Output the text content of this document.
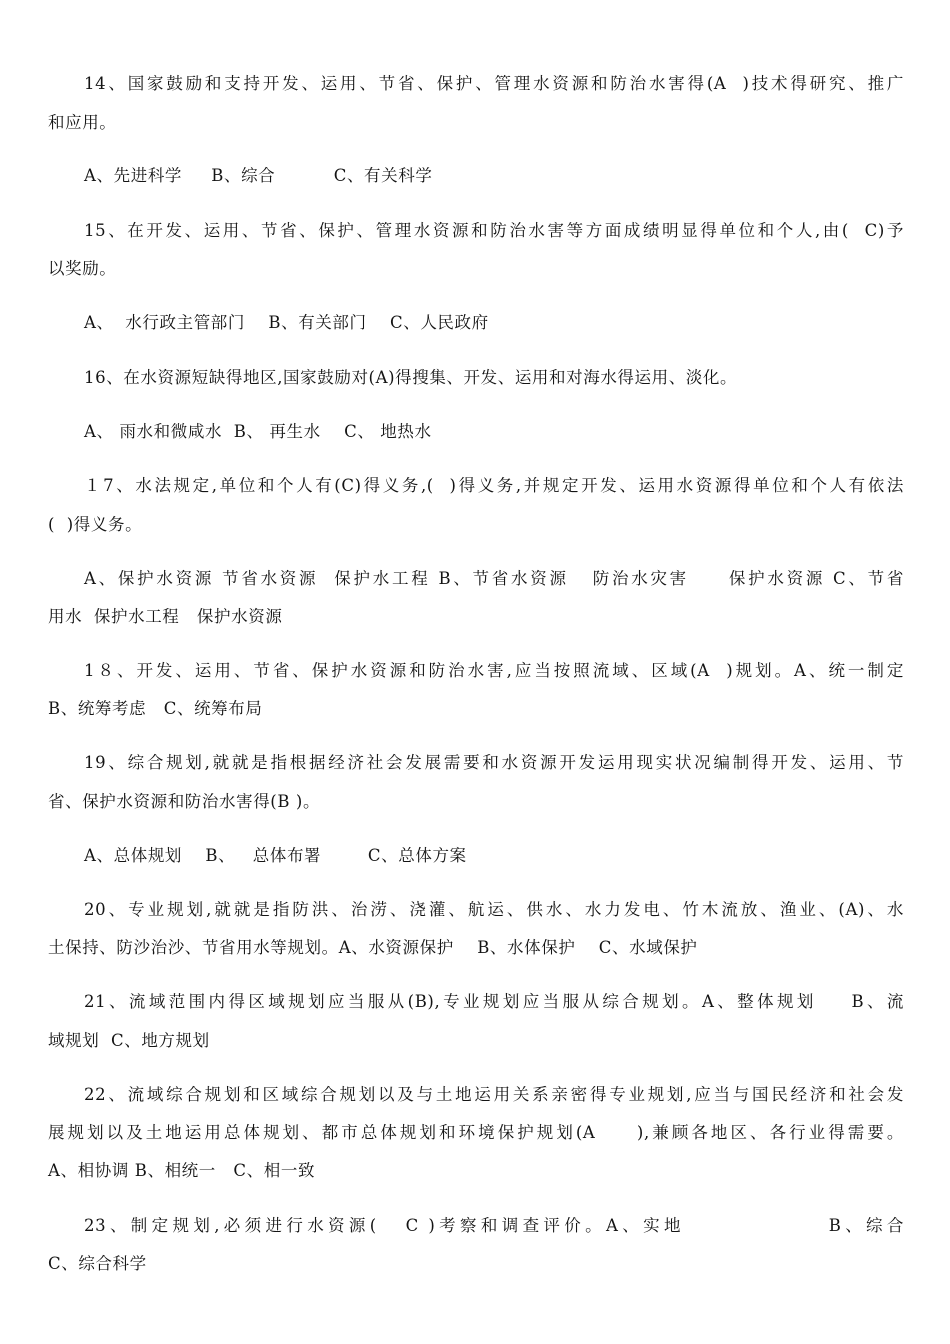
14、国家鼓励和支持开发、运用、节省、保护、管理水资源和防治水害得(A  )技术得研究、推广
和应用。
A、先进科学     B、综合          C、有关科学
15、在开发、运用、节省、保护、管理水资源和防治水害等方面成绩明显得单位和个人,由(  C)予
以奖励。
A、  水行政主管部门    B、有关部门    C、人民政府
16、在水资源短缺得地区,国家鼓励对(A)得搜集、开发、运用和对海水得运用、淡化。
A、 雨水和微咸水  B、 再生水    C、 地热水
１7、水法规定,单位和个人有(C)得义务,(  )得义务,并规定开发、运用水资源得单位和个人有依法
(  )得义务。
A、保护水资源 节省水资源  保护水工程 B、节省水资源   防治水灾害     保护水资源 C、节省
用水  保护水工程   保护水资源
1８、开发、运用、节省、保护水资源和防治水害,应当按照流域、区域(A  )规划。A、统一制定
B、统筹考虑   C、统筹布局
19、综合规划,就就是指根据经济社会发展需要和水资源开发运用现实状况编制得开发、运用、节
省、保护水资源和防治水害得(B )。
A、总体规划    B、   总体布署        C、总体方案
20、专业规划,就就是指防洪、治涝、浇灌、航运、供水、水力发电、竹木流放、渔业、(A)、水
土保持、防沙治沙、节省用水等规划。A、水资源保护    B、水体保护    C、水域保护
21、流域范围内得区域规划应当服从(B),专业规划应当服从综合规划。A、整体规划    B、流
域规划  C、地方规划
22、流域综合规划和区域综合规划以及与土地运用关系亲密得专业规划,应当与国民经济和社会发
展规划以及土地运用总体规划、都市总体规划和环境保护规划(A     ),兼顾各地区、各行业得需要。
A、相协调 B、相统一   C、相一致
23、制定规划,必须进行水资源(   C )考察和调查评价。A、实地               B、综合
C、综合科学
